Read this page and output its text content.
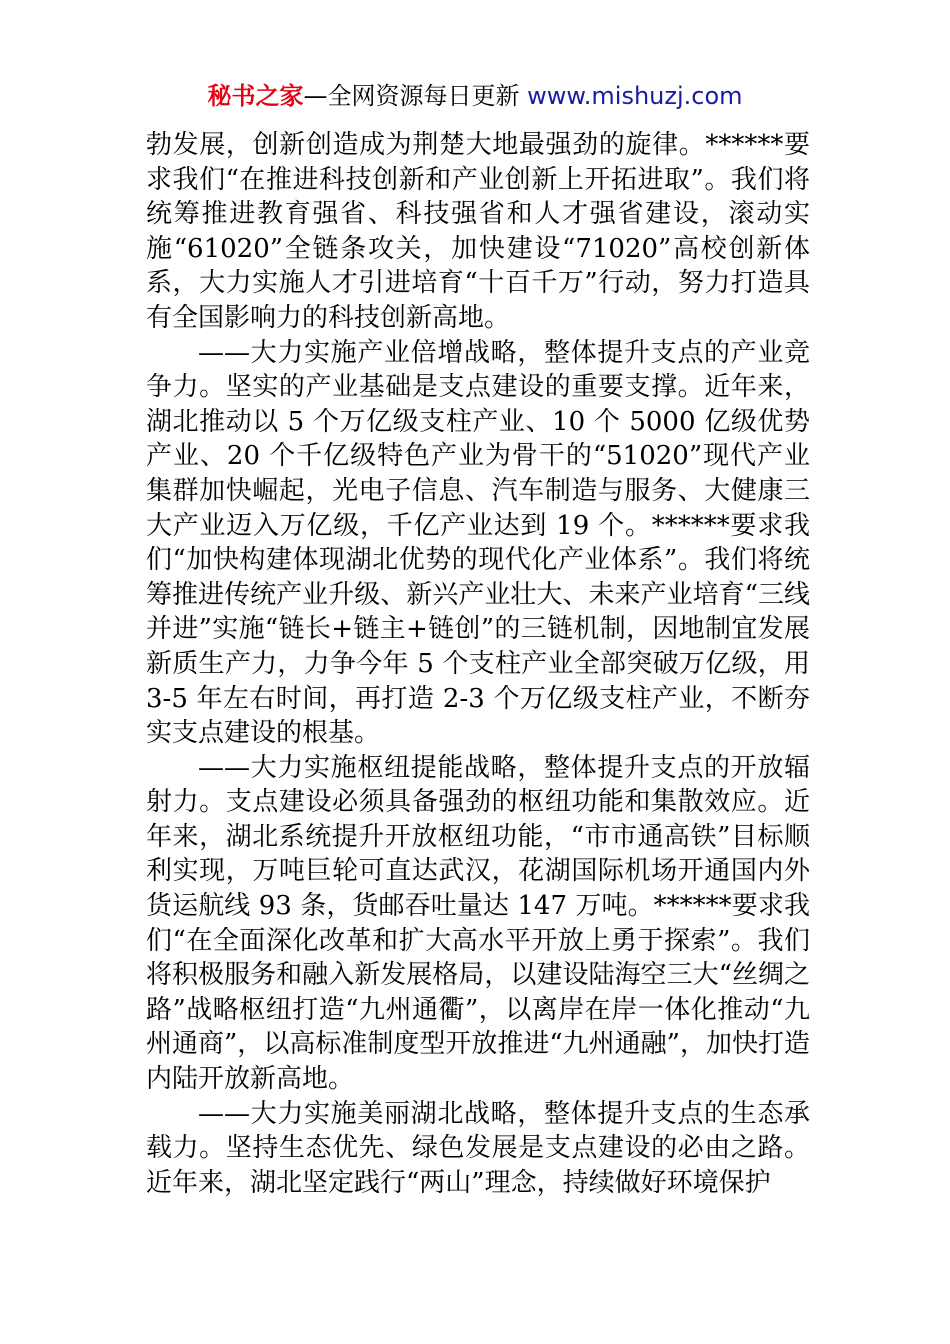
秘书之家—全网资源每日更新 www.mishuzj.com

勃发展，创新创造成为荆楚大地最强劲的旋律。******要求我们“在推进科技创新和产业创新上开拓进取”。我们将统筹推进教育强省、科技强省和人才强省建设，滚动实施“61020”全链条攻关，加快建设“71020”高校创新体系，大力实施人才引进培育“十百千万”行动，努力打造具有全国影响力的科技创新高地。

——大力实施产业倍增战略，整体提升支点的产业竞争力。坚实的产业基础是支点建设的重要支撑。近年来，湖北推动以 5 个万亿级支柱产业、10 个 5000 亿级优势产业、20 个千亿级特色产业为骨干的“51020”现代产业集群加快崛起，光电子信息、汽车制造与服务、大健康三大产业迈入万亿级，千亿产业达到 19 个。******要求我们“加快构建体现湖北优势的现代化产业体系”。我们将统筹推进传统产业升级、新兴产业壮大、未来产业培育“三线并进”实施“链长+链主+链创”的三链机制，因地制宜发展新质生产力，力争今年 5 个支柱产业全部突破万亿级，用 3-5 年左右时间，再打造 2-3 个万亿级支柱产业，不断夯实支点建设的根基。

——大力实施枢纽提能战略，整体提升支点的开放辐射力。支点建设必须具备强劲的枢纽功能和集散效应。近年来，湖北系统提升开放枢纽功能，“市市通高铁”目标顺利实现，万吨巨轮可直达武汉，花湖国际机场开通国内外货运航线 93 条，货邮吞吐量达 147 万吨。******要求我们“在全面深化改革和扩大高水平开放上勇于探索”。我们将积极服务和融入新发展格局，以建设陆海空三大“丝绸之路”战略枢纽打造“九州通衢”，以离岸在岸一体化推动“九州通商”，以高标准制度型开放推进“九州通融”，加快打造内陆开放新高地。

——大力实施美丽湖北战略，整体提升支点的生态承载力。坚持生态优先、绿色发展是支点建设的必由之路。近年来，湖北坚定践行“两山”理念，持续做好环境保护
